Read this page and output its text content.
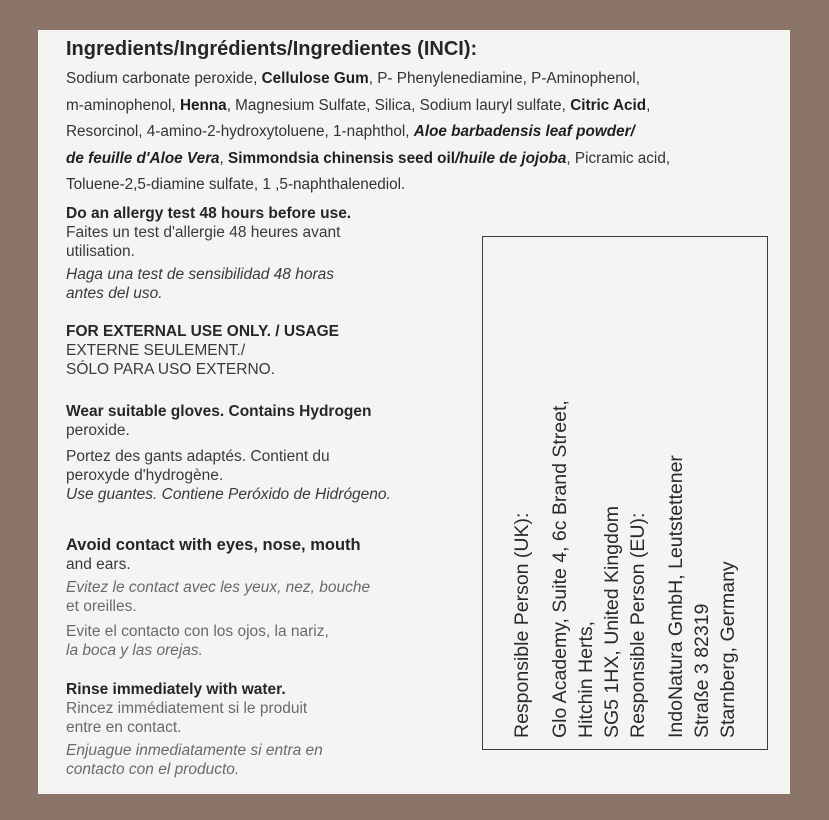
Ingredients/Ingrédients/Ingredientes (INCI):

Sodium carbonate peroxide, Cellulose Gum, P- Phenylenediamine, P-Aminophenol,

m-aminophenol, Henna, Magnesium Sulfate, Silica, Sodium lauryl sulfate, Citric Acid,

Resorcinol, 4-amino-2-hydroxytoluene, 1-naphthol, Aloe barbadensis leaf powder/

de feuille d'Aloe Vera, Simmondsia chinensis seed oil/huile de jojoba, Picramic acid,

Toluene-2,5-diamine sulfate, 1 ,5-naphthalenediol.

Do an allergy test 48 hours before use.

Faites un test d'allergie 48 heures avant

utilisation.

Haga una test de sensibilidad 48 horas

antes del uso.

FOR EXTERNAL USE ONLY. / USAGE

EXTERNE SEULEMENT./

SÓLO PARA USO EXTERNO.

Wear suitable gloves. Contains Hydrogen

peroxide.

Portez des gants adaptés. Contient du

peroxyde d'hydrogène.

Use guantes. Contiene Peróxido de Hidrógeno.

Avoid contact with eyes, nose, mouth

and ears.

Evitez le contact avec les yeux, nez, bouche

et oreilles.

Evite el contacto con los ojos, la nariz,

la boca y las orejas.

Rinse immediately with water.

Rincez immédiatement si le produit

entre en contact.

Enjuague inmediatamente si entra en

contacto con el producto.

Responsible Person (UK): Glo Academy, Suite 4, 6c Brand Street, Hitchin Herts, SG5 1HX, United Kingdom Responsible Person (EU): IndoNatura GmbH, Leutstettener Straße 3 82319 Starnberg, Germany
